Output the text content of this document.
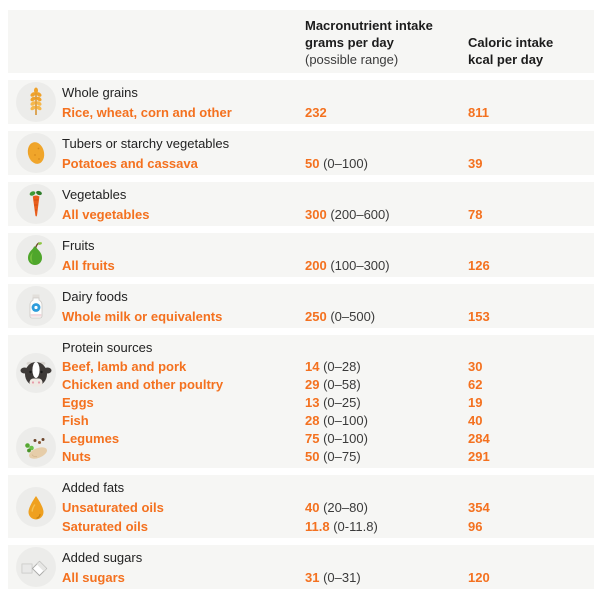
Macronutrient intake
grams per day
(possible range)
Caloric intake
kcal per day
Whole grains
Rice, wheat, corn and other	232	811
Tubers or starchy vegetables
Potatoes and cassava	50 (0–100)	39
Vegetables
All vegetables	300 (200–600)	78
Fruits
All fruits	200 (100–300)	126
Dairy foods
Whole milk or equivalents	250 (0–500)	153
Protein sources
Beef, lamb and pork	14 (0–28)	30
Chicken and other poultry	29 (0–58)	62
Eggs	13 (0–25)	19
Fish	28 (0–100)	40
Legumes	75 (0–100)	284
Nuts	50 (0–75)	291
Added fats
Unsaturated oils	40 (20–80)	354
Saturated oils	11.8 (0-11.8)	96
Added sugars
All sugars	31 (0–31)	120
